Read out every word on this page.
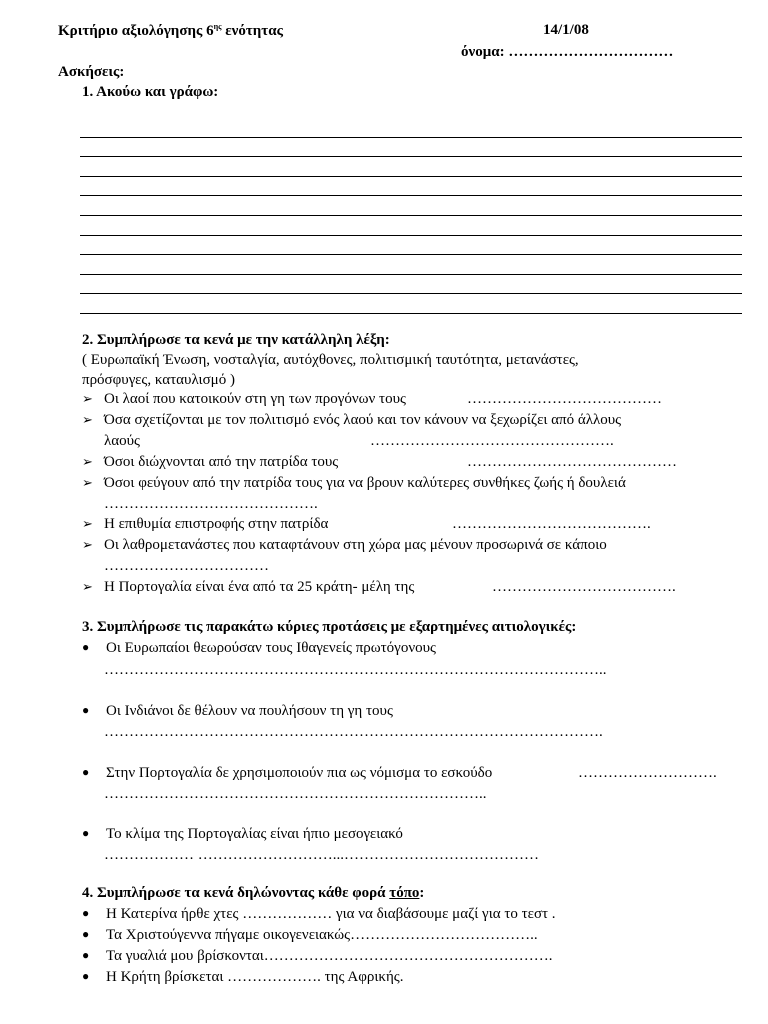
Κριτήριο αξιολόγησης $6^{\eta\varsigma}$ ενότητας	14/1/08
όνομα: ……………………………
Ασκήσεις:
1. Ακούω και γράφω:
2. Συμπλήρωσε τα κενά με την κατάλληλη λέξη:
( Ευρωπαϊκή Ένωση, νοσταλγία, αυτόχθονες, πολιτισμική ταυτότητα, μετανάστες,
πρόσφυγες, καταυλισμό )
➢ Οι λαοί που κατοικούν στη γη των προγόνων τους	…………………………………
➢ Όσα σχετίζονται με τον πολιτισμό ενός λαού και τον κάνουν να ξεχωρίζει από άλλους
λαούς	………………………………………….
➢ Όσοι διώχνονται από την πατρίδα τους	……………………………………
➢ Όσοι φεύγουν από την πατρίδα τους για να βρουν καλύτερες συνθήκες ζωής ή δουλειά
…………………………………….
➢ Η επιθυμία επιστροφής στην πατρίδα	………………………………….
➢ Οι λαθρομετανάστες που καταφτάνουν στη χώρα μας μένουν προσωρινά σε κάποιο
……………………………
➢ Η Πορτογαλία είναι ένα από τα 25 κράτη- μέλη της	……………………………….
3. Συμπλήρωσε τις παρακάτω κύριες προτάσεις με εξαρτημένες αιτιολογικές:
● Οι Ευρωπαίοι θεωρούσαν τους Ιθαγενείς πρωτόγονους
………………………………………………………………………………………..
● Οι Ινδιάνοι δε θέλουν να πουλήσουν τη γη τους
……………………………………………………………………………………….
● Στην Πορτογαλία δε χρησιμοποιούν πια ως νόμισμα το εσκούδο	……………………….
…………………………………………………………………..
● Το κλίμα της Πορτογαλίας είναι ήπιο μεσογειακό
……………… ………………………...…………………………………
4. Συμπλήρωσε τα κενά δηλώνοντας κάθε φορά τόπο:
● Η Κατερίνα ήρθε χτες ……………… για να διαβάσουμε μαζί για το τεστ .
● Τα Χριστούγεννα πήγαμε οικογενειακώς………………………………..
● Τα γυαλιά μου βρίσκονται………………………………………………….
● Η Κρήτη βρίσκεται ………………. της Αφρικής.
